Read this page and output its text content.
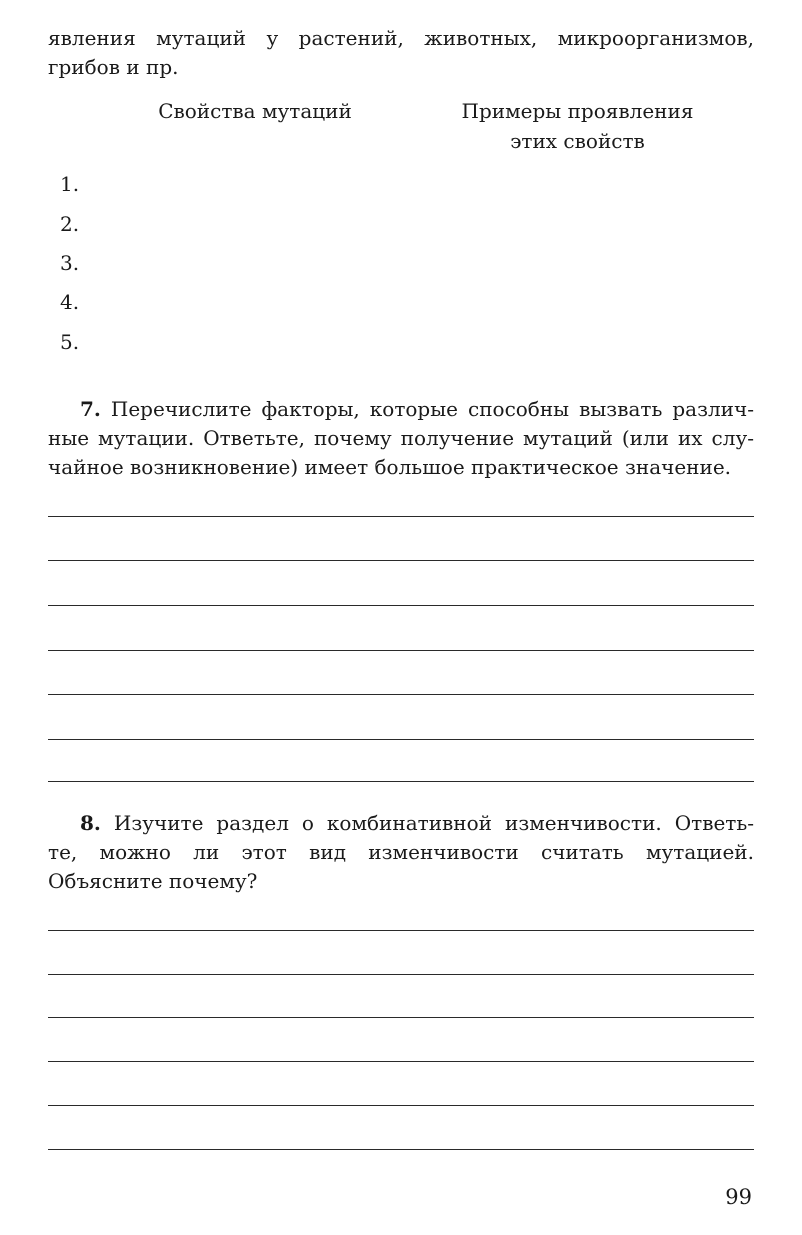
явления мутаций у растений, животных, микроорганизмов,
грибов и пр.
Свойства мутаций	Примеры проявления
этих свойств
1.
2.
3.
4.
5.
7. Перечислите факторы, которые способны вызвать различ-
ные мутации. Ответьте, почему получение мутаций (или их слу-
чайное возникновение) имеет большое практическое значение.
8. Изучите раздел о комбинативной изменчивости. Ответь-
те, можно ли этот вид изменчивости считать мутацией.
Объясните почему?
99
